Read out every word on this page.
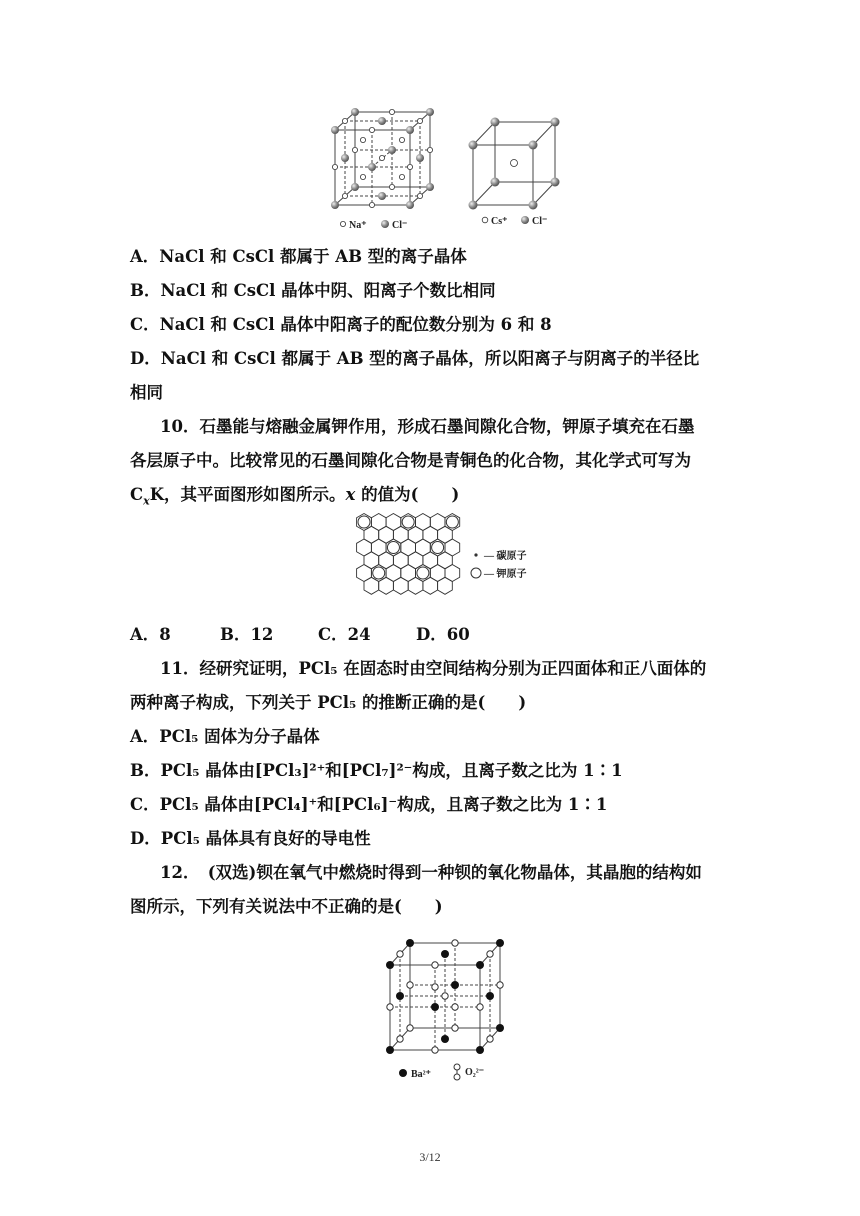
Na⁺	Cl⁻	Cs⁺ Cl⁻
A．NaCl 和 CsCl 都属于 AB 型的离子晶体
B．NaCl 和 CsCl 晶体中阴、阳离子个数比相同
C．NaCl 和 CsCl 晶体中阳离子的配位数分别为 6 和 8
D．NaCl 和 CsCl 都属于 AB 型的离子晶体，所以阳离子与阴离子的半径比
相同
10．石墨能与熔融金属钾作用，形成石墨间隙化合物，钾原子填充在石墨
各层原子中。比较常见的石墨间隙化合物是青铜色的化合物，其化学式可写为
$C_xK$，其平面图形如图所示。x 的值为(　　)
— 碳原子
— 钾原子
A．8	B．12	C．24	D．60
11．经研究证明，PCl₅ 在固态时由空间结构分别为正四面体和正八面体的
两种离子构成，下列关于 PCl₅ 的推断正确的是(　　)
A．PCl₅ 固体为分子晶体
B．PCl₅ 晶体由[PCl₃]²⁺和[PCl₇]²⁻构成，且离子数之比为 1∶1
C．PCl₅ 晶体由[PCl₄]⁺和[PCl₆]⁻构成，且离子数之比为 1∶1
D．PCl₅ 晶体具有良好的导电性
12．　(双选)钡在氧气中燃烧时得到一种钡的氧化物晶体，其晶胞的结构如
图所示，下列有关说法中不正确的是(　　)
Ba²⁺	O₂²⁻
3/12
